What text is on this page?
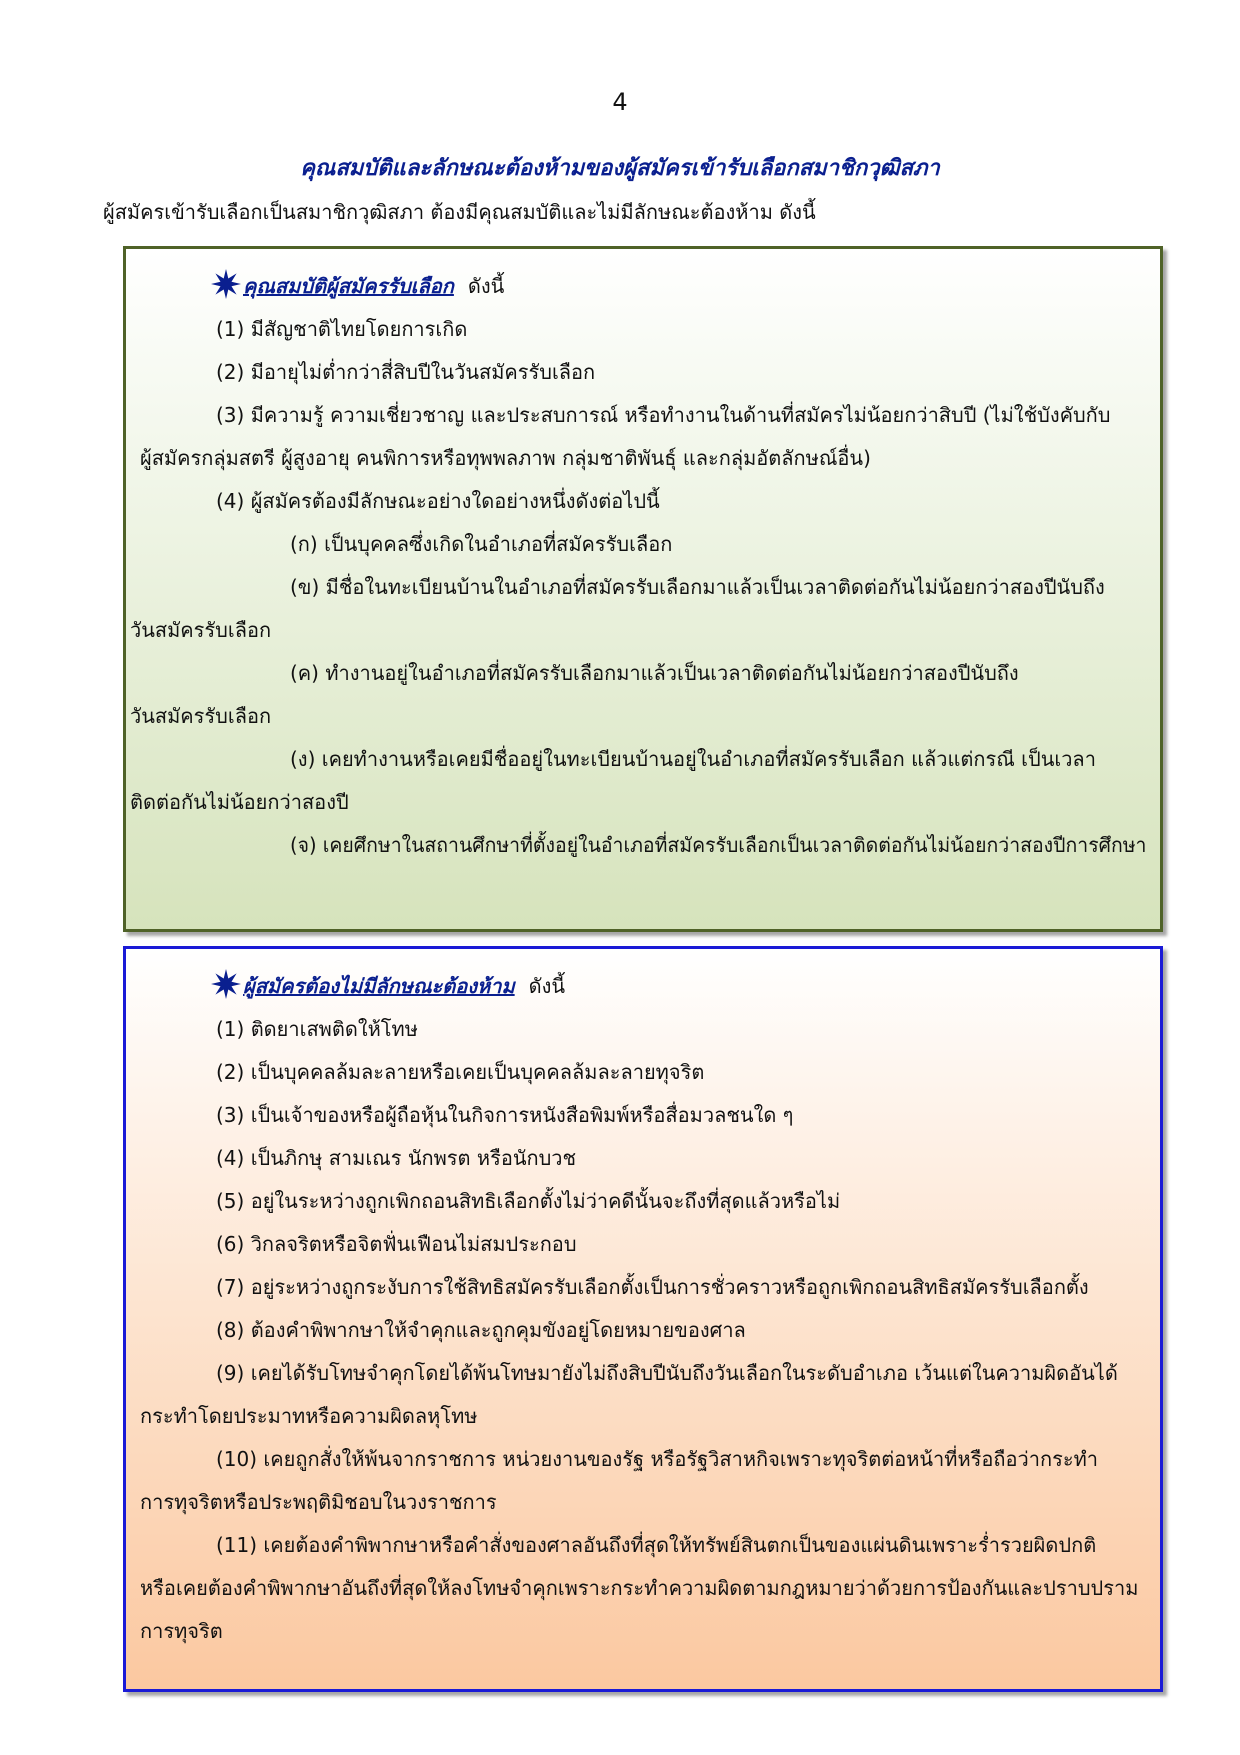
4
คุณสมบัติและลักษณะต้องห้ามของผู้สมัครเข้ารับเลือกสมาชิกวุฒิสภา
ผู้สมัครเข้ารับเลือกเป็นสมาชิกวุฒิสภา ต้องมีคุณสมบัติและไม่มีลักษณะต้องห้าม ดังนี้
คุณสมบัติผู้สมัครรับเลือก ดังนี้
(1) มีสัญชาติไทยโดยการเกิด
(2) มีอายุไม่ต่ำกว่าสี่สิบปีในวันสมัครรับเลือก
(3) มีความรู้ ความเชี่ยวชาญ และประสบการณ์ หรือทำงานในด้านที่สมัครไม่น้อยกว่าสิบปี (ไม่ใช้บังคับกับ
ผู้สมัครกลุ่มสตรี ผู้สูงอายุ คนพิการหรือทุพพลภาพ กลุ่มชาติพันธุ์ และกลุ่มอัตลักษณ์อื่น)
(4) ผู้สมัครต้องมีลักษณะอย่างใดอย่างหนึ่งดังต่อไปนี้
(ก) เป็นบุคคลซึ่งเกิดในอำเภอที่สมัครรับเลือก
(ข) มีชื่อในทะเบียนบ้านในอำเภอที่สมัครรับเลือกมาแล้วเป็นเวลาติดต่อกันไม่น้อยกว่าสองปีนับถึง
วันสมัครรับเลือก
(ค) ทำงานอยู่ในอำเภอที่สมัครรับเลือกมาแล้วเป็นเวลาติดต่อกันไม่น้อยกว่าสองปีนับถึง
วันสมัครรับเลือก
(ง) เคยทำงานหรือเคยมีชื่ออยู่ในทะเบียนบ้านอยู่ในอำเภอที่สมัครรับเลือก แล้วแต่กรณี เป็นเวลา
ติดต่อกันไม่น้อยกว่าสองปี
(จ) เคยศึกษาในสถานศึกษาที่ตั้งอยู่ในอำเภอที่สมัครรับเลือกเป็นเวลาติดต่อกันไม่น้อยกว่าสองปีการศึกษา
ผู้สมัครต้องไม่มีลักษณะต้องห้าม ดังนี้
(1) ติดยาเสพติดให้โทษ
(2) เป็นบุคคลล้มละลายหรือเคยเป็นบุคคลล้มละลายทุจริต
(3) เป็นเจ้าของหรือผู้ถือหุ้นในกิจการหนังสือพิมพ์หรือสื่อมวลชนใด ๆ
(4) เป็นภิกษุ สามเณร นักพรต หรือนักบวช
(5) อยู่ในระหว่างถูกเพิกถอนสิทธิเลือกตั้งไม่ว่าคดีนั้นจะถึงที่สุดแล้วหรือไม่
(6) วิกลจริตหรือจิตฟั่นเฟือนไม่สมประกอบ
(7) อยู่ระหว่างถูกระงับการใช้สิทธิสมัครรับเลือกตั้งเป็นการชั่วคราวหรือถูกเพิกถอนสิทธิสมัครรับเลือกตั้ง
(8) ต้องคำพิพากษาให้จำคุกและถูกคุมขังอยู่โดยหมายของศาล
(9) เคยได้รับโทษจำคุกโดยได้พ้นโทษมายังไม่ถึงสิบปีนับถึงวันเลือกในระดับอำเภอ เว้นแต่ในความผิดอันได้
กระทำโดยประมาทหรือความผิดลหุโทษ
(10) เคยถูกสั่งให้พ้นจากราชการ หน่วยงานของรัฐ หรือรัฐวิสาหกิจเพราะทุจริตต่อหน้าที่หรือถือว่ากระทำ
การทุจริตหรือประพฤติมิชอบในวงราชการ
(11) เคยต้องคำพิพากษาหรือคำสั่งของศาลอันถึงที่สุดให้ทรัพย์สินตกเป็นของแผ่นดินเพราะร่ำรวยผิดปกติ
หรือเคยต้องคำพิพากษาอันถึงที่สุดให้ลงโทษจำคุกเพราะกระทำความผิดตามกฎหมายว่าด้วยการป้องกันและปราบปราม
การทุจริต
